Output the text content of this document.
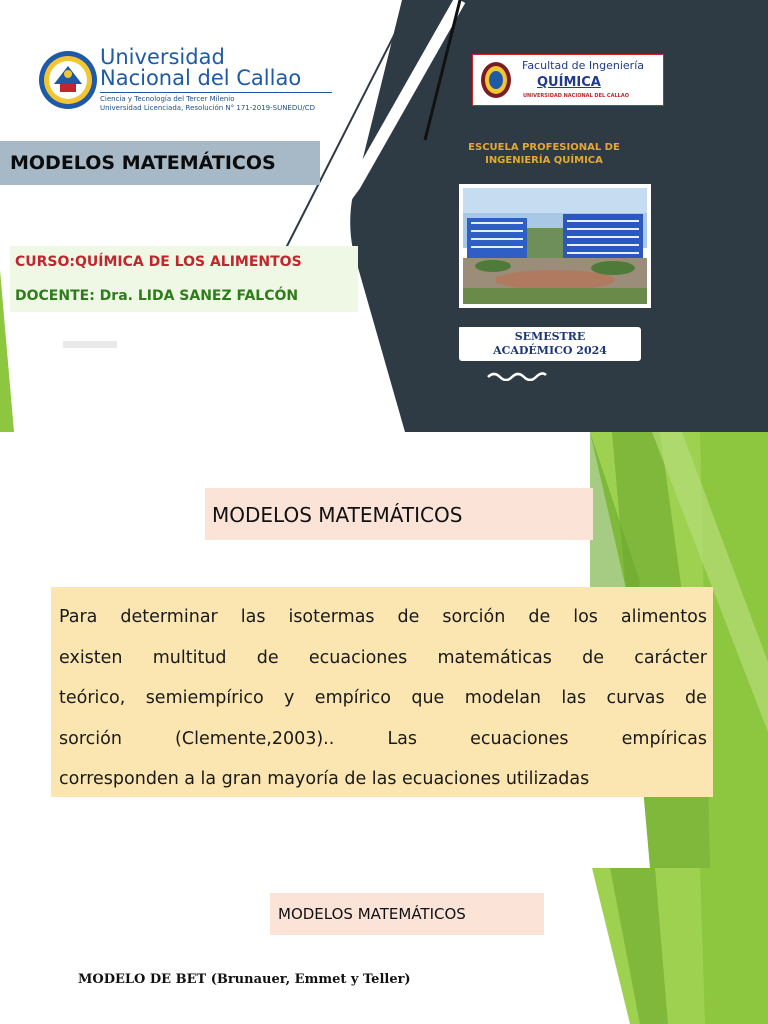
Universidad
Nacional del Callao
Ciencia y Tecnología del Tercer Milenio
Universidad Licenciada, Resolución N° 171-2019-SUNEDU/CD
MODELOS MATEMÁTICOS
CURSO:QUÍMICA DE LOS ALIMENTOS
DOCENTE: Dra. LIDA SANEZ FALCÓN
Facultad de Ingeniería
QUÍMICA
UNIVERSIDAD NACIONAL DEL CALLAO
ESCUELA PROFESIONAL DE
INGENIERÍA QUÍMICA
SEMESTRE
ACADÉMICO 2024
MODELOS MATEMÁTICOS
Para determinar las isotermas de sorción de los alimentos
existen multitud de ecuaciones matemáticas de carácter
teórico, semiempírico y empírico que modelan las curvas de
sorción	(Clemente,2003)..	Las	ecuaciones	empíricas
corresponden a la gran mayoría de las ecuaciones utilizadas
MODELOS MATEMÁTICOS
MODELO DE BET (Brunauer, Emmet y Teller)
